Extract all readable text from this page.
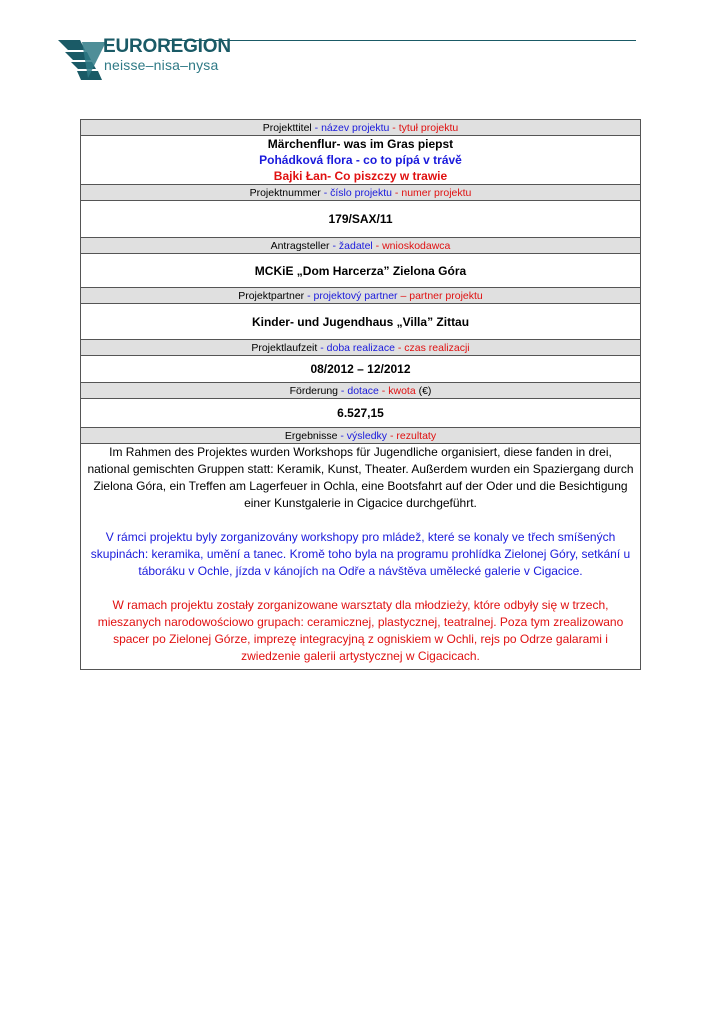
EUROREGION
neisse–nisa–nysa
Projekttitel - název projektu - tytuł projektu

Märchenflur- was im Gras piepst
Pohádková flora - co to pípá v trávě
Bajki Łan- Co piszczy w trawie

Projektnummer - číslo projektu - numer projektu
179/SAX/11
Antragsteller - žadatel - wnioskodawca
MCKiE „Dom Harcerza” Zielona Góra
Projektpartner - projektový partner – partner projektu
Kinder- und Jugendhaus „Villa” Zittau
Projektlaufzeit - doba realizace - czas realizacji
08/2012 – 12/2012
Förderung - dotace - kwota (€)
6.527,15
Ergebnisse - výsledky - rezultaty

Im Rahmen des Projektes wurden Workshops für Jugendliche organisiert, diese fanden in drei, national gemischten Gruppen statt: Keramik, Kunst, Theater. Außerdem wurden ein Spaziergang durch Zielona Góra, ein Treffen am Lagerfeuer in Ochla, eine Bootsfahrt auf der Oder und die Besichtigung einer Kunstgalerie in Cigacice durchgeführt.

V rámci projektu byly zorganizovány workshopy pro mládež, které se konaly ve třech smíšených skupinách: keramika, umění a tanec. Kromě toho byla na programu prohlídka Zielonej Góry, setkání u táboráku v Ochle, jízda v kánojích na Odře a návštěva umělecké galerie v Cigacice.

W ramach projektu zostały zorganizowane warsztaty dla młodzieży, które odbyły się w trzech, mieszanych narodowościowo grupach: ceramicznej, plastycznej, teatralnej. Poza tym zrealizowano spacer po Zielonej Górze, imprezę integracyjną z ogniskiem w Ochli, rejs po Odrze galarami i zwiedzenie galerii artystycznej w Cigacicach.
